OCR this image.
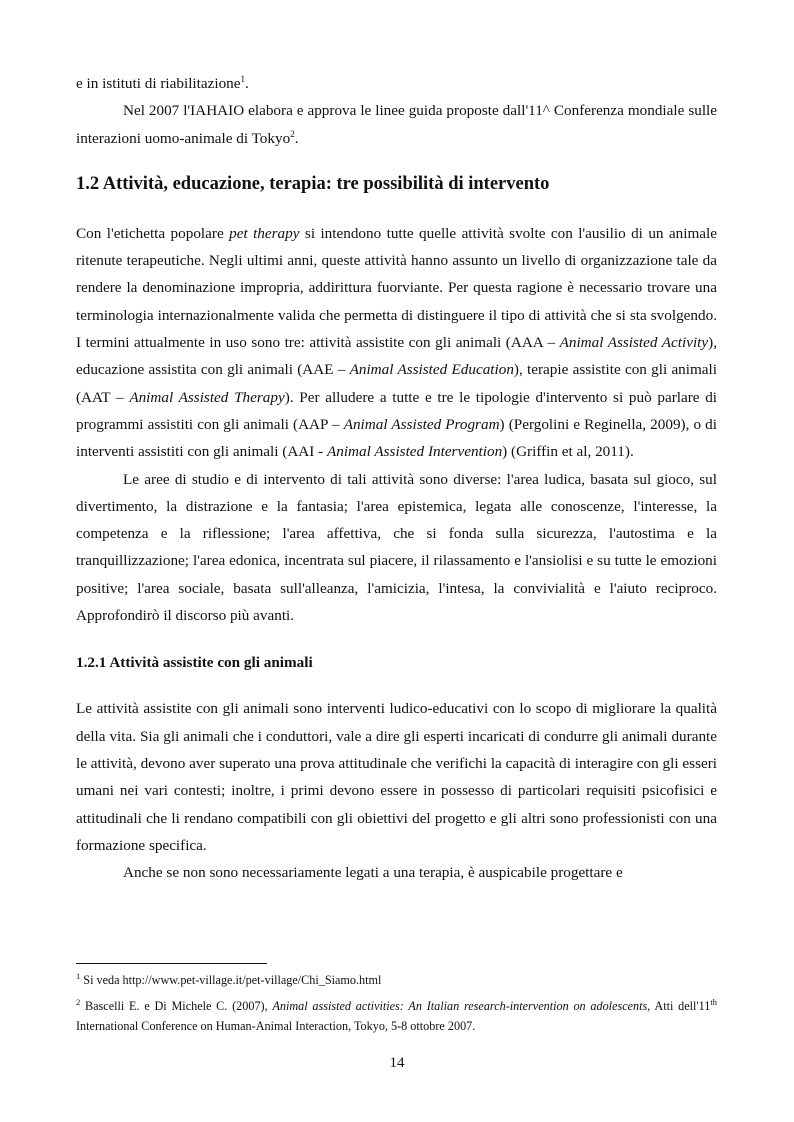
e in istituti di riabilitazione$^1$.

Nel 2007 l'IAHAIO elabora e approva le linee guida proposte dall'11^ Conferenza mondiale sulle interazioni uomo-animale di Tokyo$^2$.

1.2 Attività, educazione, terapia: tre possibilità di intervento

Con l'etichetta popolare pet therapy si intendono tutte quelle attività svolte con l'ausilio di un animale ritenute terapeutiche. Negli ultimi anni, queste attività hanno assunto un livello di organizzazione tale da rendere la denominazione impropria, addirittura fuorviante. Per questa ragione è necessario trovare una terminologia internazionalmente valida che permetta di distinguere il tipo di attività che si sta svolgendo. I termini attualmente in uso sono tre: attività assistite con gli animali (AAA – Animal Assisted Activity), educazione assistita con gli animali (AAE – Animal Assisted Education), terapie assistite con gli animali (AAT – Animal Assisted Therapy). Per alludere a tutte e tre le tipologie d'intervento si può parlare di programmi assistiti con gli animali (AAP – Animal Assisted Program) (Pergolini e Reginella, 2009), o di interventi assistiti con gli animali (AAI - Animal Assisted Intervention) (Griffin et al, 2011).

Le aree di studio e di intervento di tali attività sono diverse: l'area ludica, basata sul gioco, sul divertimento, la distrazione e la fantasia; l'area epistemica, legata alle conoscenze, l'interesse, la competenza e la riflessione; l'area affettiva, che si fonda sulla sicurezza, l'autostima e la tranquillizzazione; l'area edonica, incentrata sul piacere, il rilassamento e l'ansiolisi e su tutte le emozioni positive; l'area sociale, basata sull'alleanza, l'amicizia, l'intesa, la convivialità e l'aiuto reciproco. Approfondirò il discorso più avanti.

1.2.1 Attività assistite con gli animali

Le attività assistite con gli animali sono interventi ludico-educativi con lo scopo di migliorare la qualità della vita. Sia gli animali che i conduttori, vale a dire gli esperti incaricati di condurre gli animali durante le attività, devono aver superato una prova attitudinale che verifichi la capacità di interagire con gli esseri umani nei vari contesti; inoltre, i primi devono essere in possesso di particolari requisiti psicofisici e attitudinali che li rendano compatibili con gli obiettivi del progetto e gli altri sono professionisti con una formazione specifica.

Anche se non sono necessariamente legati a una terapia, è auspicabile progettare e

$^1$ Si veda http://www.pet-village.it/pet-village/Chi_Siamo.html
$^2$ Bascelli E. e Di Michele C. (2007), Animal assisted activities: An Italian research-intervention on adolescents, Atti dell'11th International Conference on Human-Animal Interaction, Tokyo, 5-8 ottobre 2007.
14
